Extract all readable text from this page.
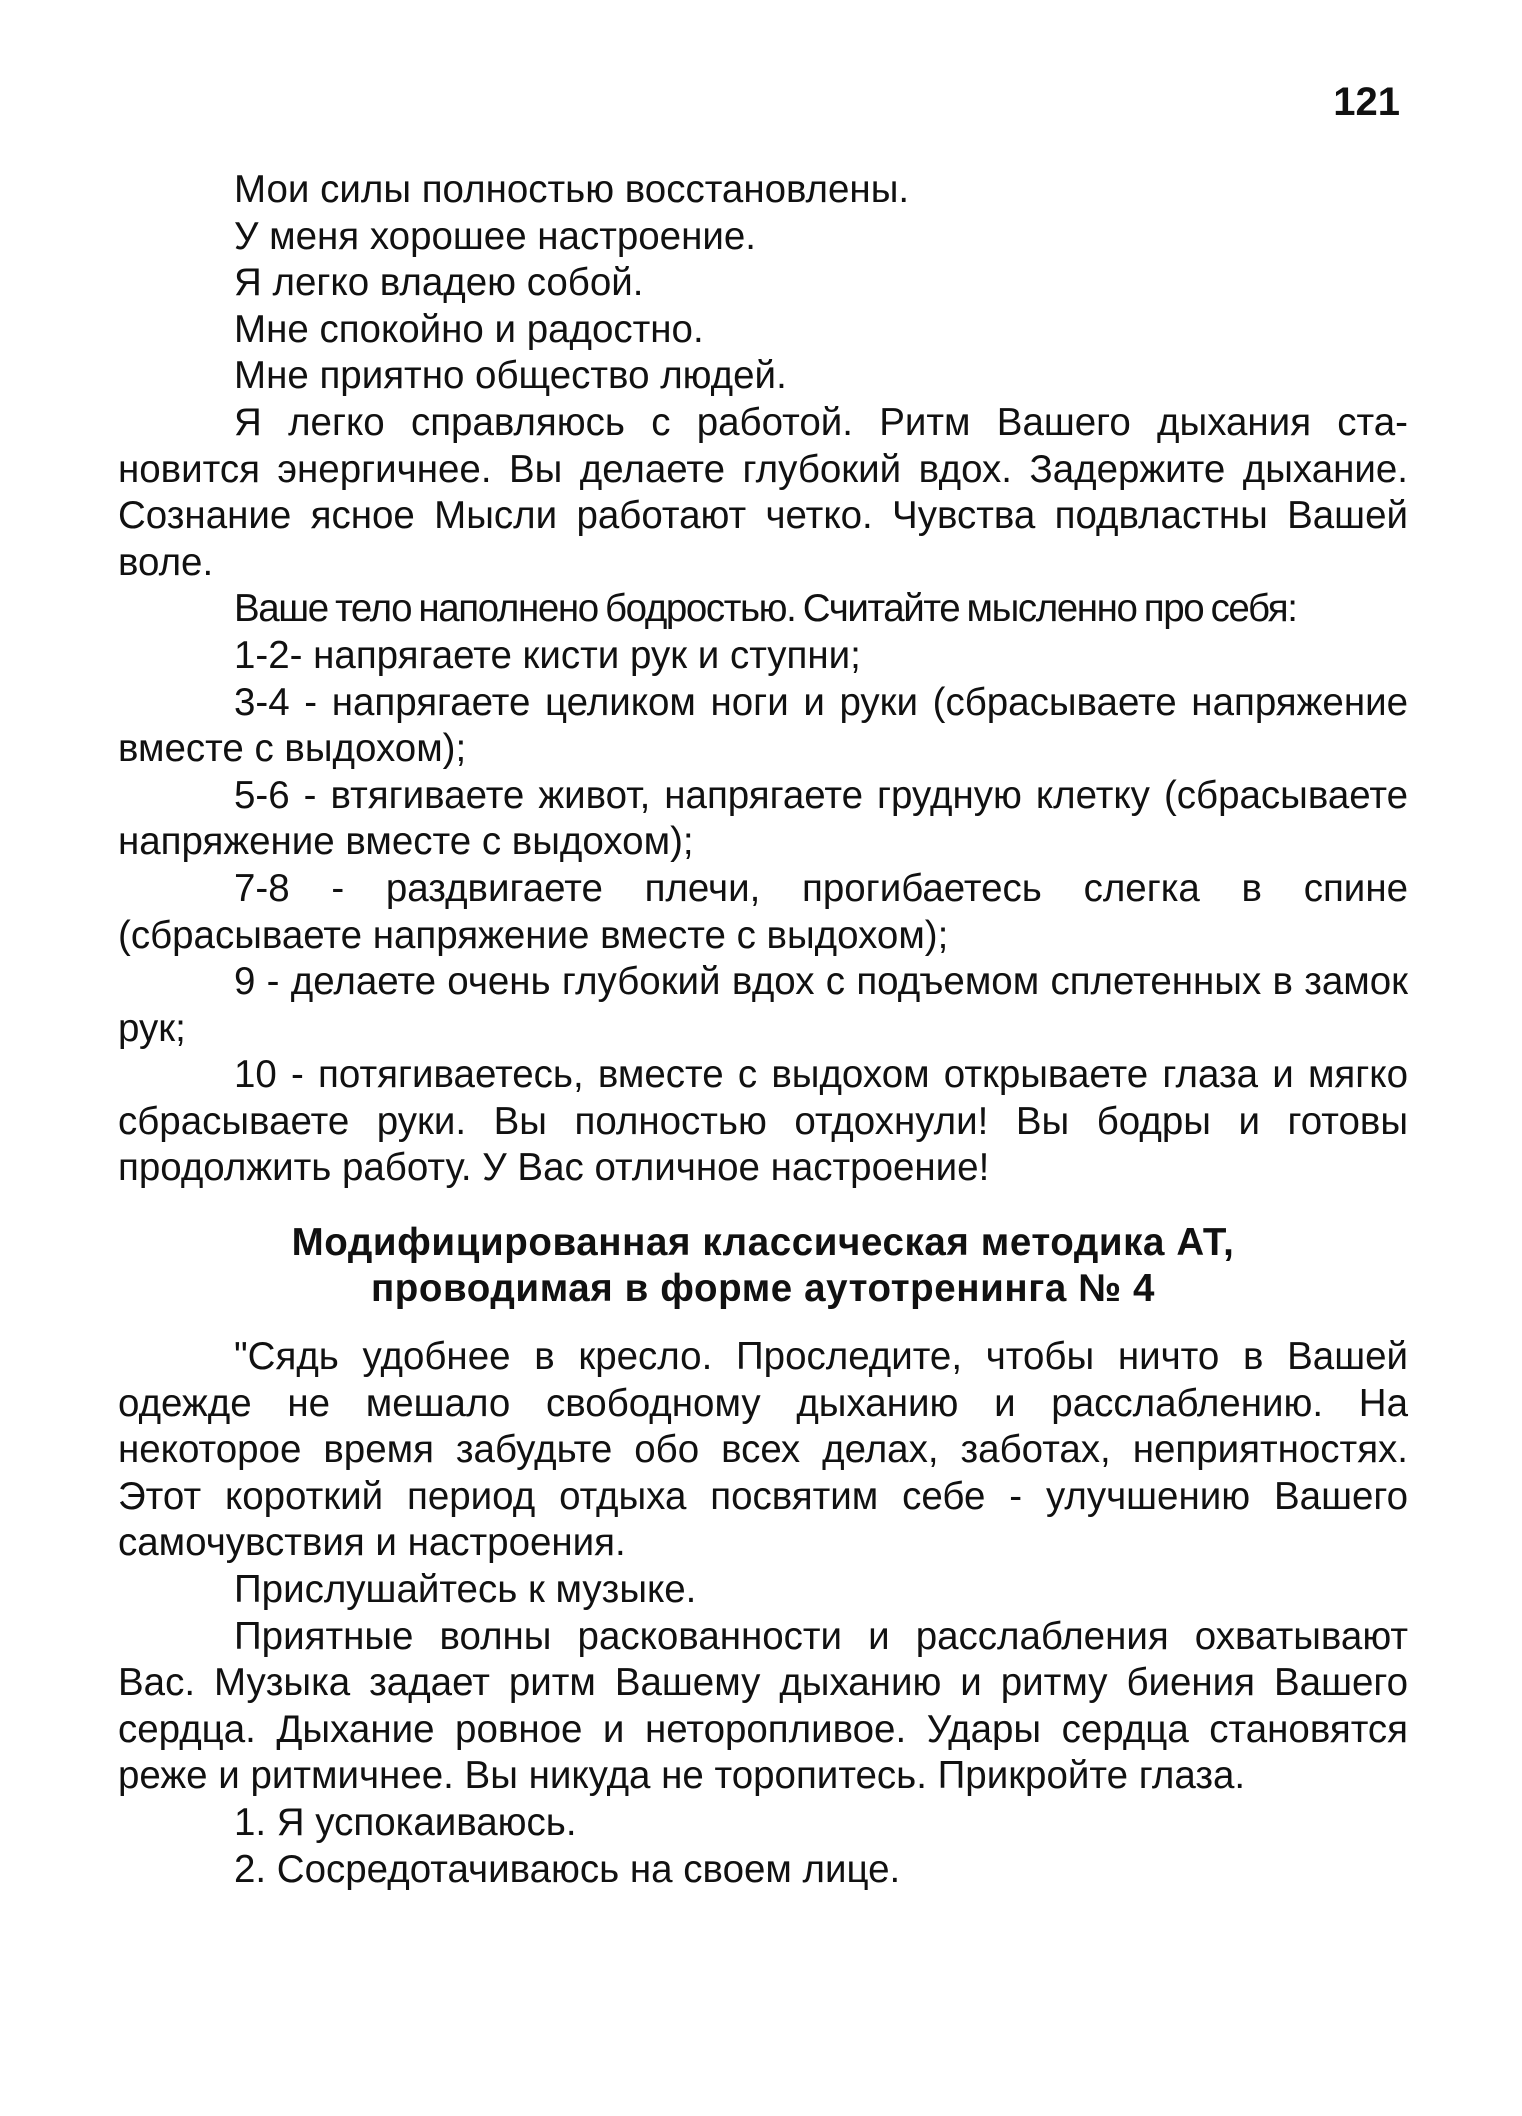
121

Мои силы полностью восстановлены.

У меня хорошее настроение.

Я легко владею собой.

Мне спокойно и радостно.

Мне приятно общество людей.

Я легко справляюсь с работой. Ритм Вашего дыхания становится энергичнее. Вы делаете глубокий вдох. Задержите дыхание. Сознание ясное Мысли работают четко. Чувства подвластны Вашей воле.

Ваше тело наполнено бодростью. Считайте мысленно про себя:

1-2- напрягаете кисти рук и ступни;

3-4 - напрягаете целиком ноги и руки (сбрасываете напряжение вместе с выдохом);

5-6 - втягиваете живот, напрягаете грудную клетку (сбрасываете напряжение вместе с выдохом);

7-8 - раздвигаете плечи, прогибаетесь слегка в спине (сбрасываете напряжение вместе с выдохом);

9 - делаете очень глубокий вдох с подъемом сплетенных в замок рук;

10 - потягиваетесь, вместе с выдохом открываете глаза и мягко сбрасываете руки. Вы полностью отдохнули! Вы бодры и готовы продолжить работу. У Вас отличное настроение!

Модифицированная классическая методика АТ,
проводимая в форме аутотренинга № 4

"Сядь удобнее в кресло. Проследите, чтобы ничто в Вашей одежде не мешало свободному дыханию и расслаблению. На некоторое время забудьте обо всех делах, заботах, неприятностях. Этот короткий период отдыха посвятим себе - улучшению Вашего самочувствия и настроения.

Прислушайтесь к музыке.

Приятные волны раскованности и расслабления охватывают Вас. Музыка задает ритм Вашему дыханию и ритму биения Вашего сердца. Дыхание ровное и неторопливое. Удары сердца становятся реже и ритмичнее. Вы никуда не торопитесь. Прикройте глаза.

1. Я успокаиваюсь.

2. Сосредотачиваюсь на своем лице.
